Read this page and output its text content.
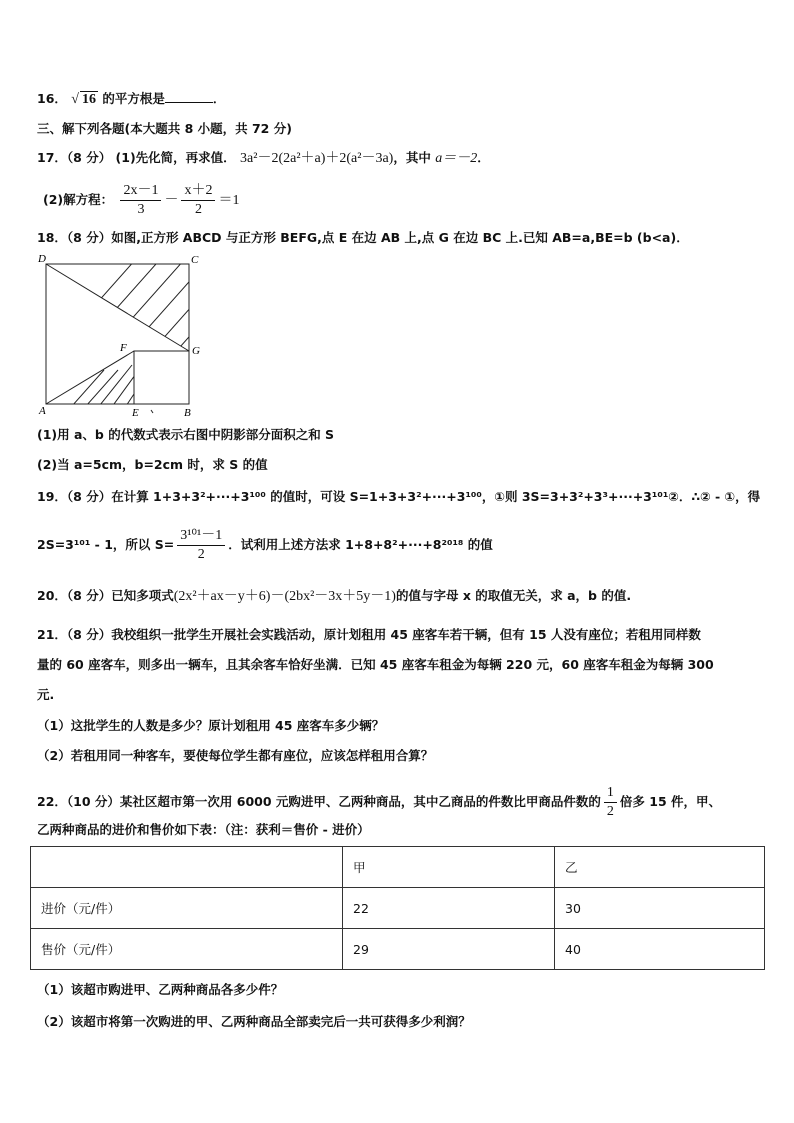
16． √ 16 的平方根是	．
三、解下列各题(本大题共 8 小题，共 72 分)
17．（8 分） (1)先化简，再求值． 3a²－2(2a²＋a)＋2(a²－3a)，其中 a＝－2．
(2)解方程： $\frac{2x-1}{3} - \frac{x+2}{2} =1$
18．（8 分）如图,正方形 ABCD 与正方形 BEFG,点 E 在边 AB 上,点 G 在边 BC 上.已知 AB=a,BE=b (b<a)．
D	C
F	G
A	E	B
(1)用 a、b 的代数式表示右图中阴影部分面积之和 S
(2)当 a=5cm，b=2cm 时，求 S 的值
19．（8 分）在计算 1+3+3²+···+3¹⁰⁰ 的值时，可设 S=1+3+3²+···+3¹⁰⁰，①则 3S=3+3²+3³+···+3¹⁰¹②．∴② - ①，得
2S=3¹⁰¹ - 1，所以 $S= \frac{\text{3¹⁰¹－1}}{2}$ ．试利用上述方法求 1+8+8²+···+8²⁰¹⁸ 的值
20．（8 分）已知多项式(2x²＋ax－y＋6)－(2bx²－3x＋5y－1)的值与字母 x 的取值无关，求 a，b 的值.
21．（8 分）我校组织一批学生开展社会实践活动，原计划租用 45 座客车若干辆，但有 15 人没有座位；若租用同样数
量的 60 座客车，则多出一辆车，且其余客车恰好坐满．已知 45 座客车租金为每辆 220 元，60 座客车租金为每辆 300
元.
（1）这批学生的人数是多少？原计划租用 45 座客车多少辆？
（2）若租用同一种客车，要使每位学生都有座位，应该怎样租用合算？
22．（10 分）某社区超市第一次用 6000 元购进甲、乙两种商品，其中乙商品的件数比甲商品件数的 $\frac{1}{2}$ 倍多 15 件，甲、
乙两种商品的进价和售价如下表：（注：获利＝售价 - 进价）
	甲	乙
进价（元/件）	22	30
售价（元/件）	29	40
（1）该超市购进甲、乙两种商品各多少件？
（2）该超市将第一次购进的甲、乙两种商品全部卖完后一共可获得多少利润？
